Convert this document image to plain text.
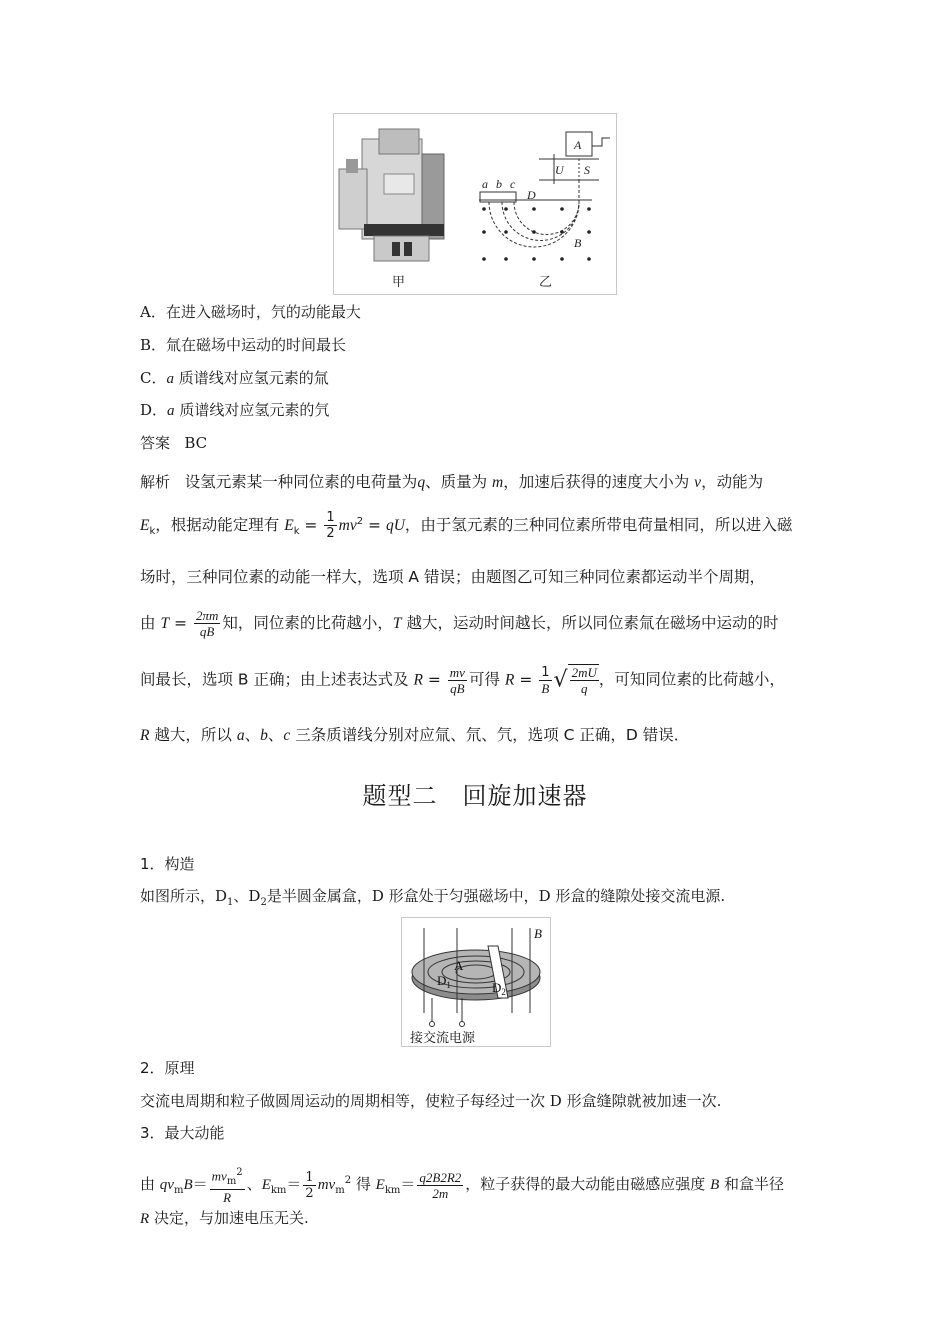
A
U S
a b c
D
B
甲	乙
A．在进入磁场时，氕的动能最大
B．氚在磁场中运动的时间最长
C．a 质谱线对应氢元素的氚
D．a 质谱线对应氢元素的氕
答案 BC
解析 设氢元素某一种同位素的电荷量为q、质量为 m，加速后获得的速度大小为 v，动能为
$E_k$，根据动能定理有 $E_k = \frac{1}{2} mv^2$ = qU，由于氢元素的三种同位素所带电荷量相同，所以进入磁
场时，三种同位素的动能一样大，选项 A 错误；由题图乙可知三种同位素都运动半个周期，
由 $T = \frac{2\pi m}{qB}$ 知，同位素的比荷越小，T 越大，运动时间越长，所以同位素氚在磁场中运动的时
间最长，选项 B 正确；由上述表达式及 $R = \frac{mv}{qB}$ 可得 $R = \frac{1}{B}$ √ $\frac{2mU}{q}$ ，可知同位素的比荷越小，
R 越大，所以 a、b、c 三条质谱线分别对应氚、氘、氕，选项 C 正确，D 错误．
题型二　回旋加速器
1．构造
如图所示，$D_1$、$D_2$是半圆金属盒，D 形盒处于匀强磁场中，D 形盒的缝隙处接交流电源.
B
A
$D_1$	$D_2$
接交流电源
2．原理
交流电周期和粒子做圆周运动的周期相等，使粒子每经过一次 D 形盒缝隙就被加速一次.
3．最大动能
由 $qv_mB= \frac{mv_m^2}{R}$ 、$E_{km}= \frac{1}{2} mv_m^2$ 得 $E_{km}= \frac{q2B2R2}{2m}$ ，粒子获得的最大动能由磁感应强度 B 和盒半径
R 决定，与加速电压无关.
